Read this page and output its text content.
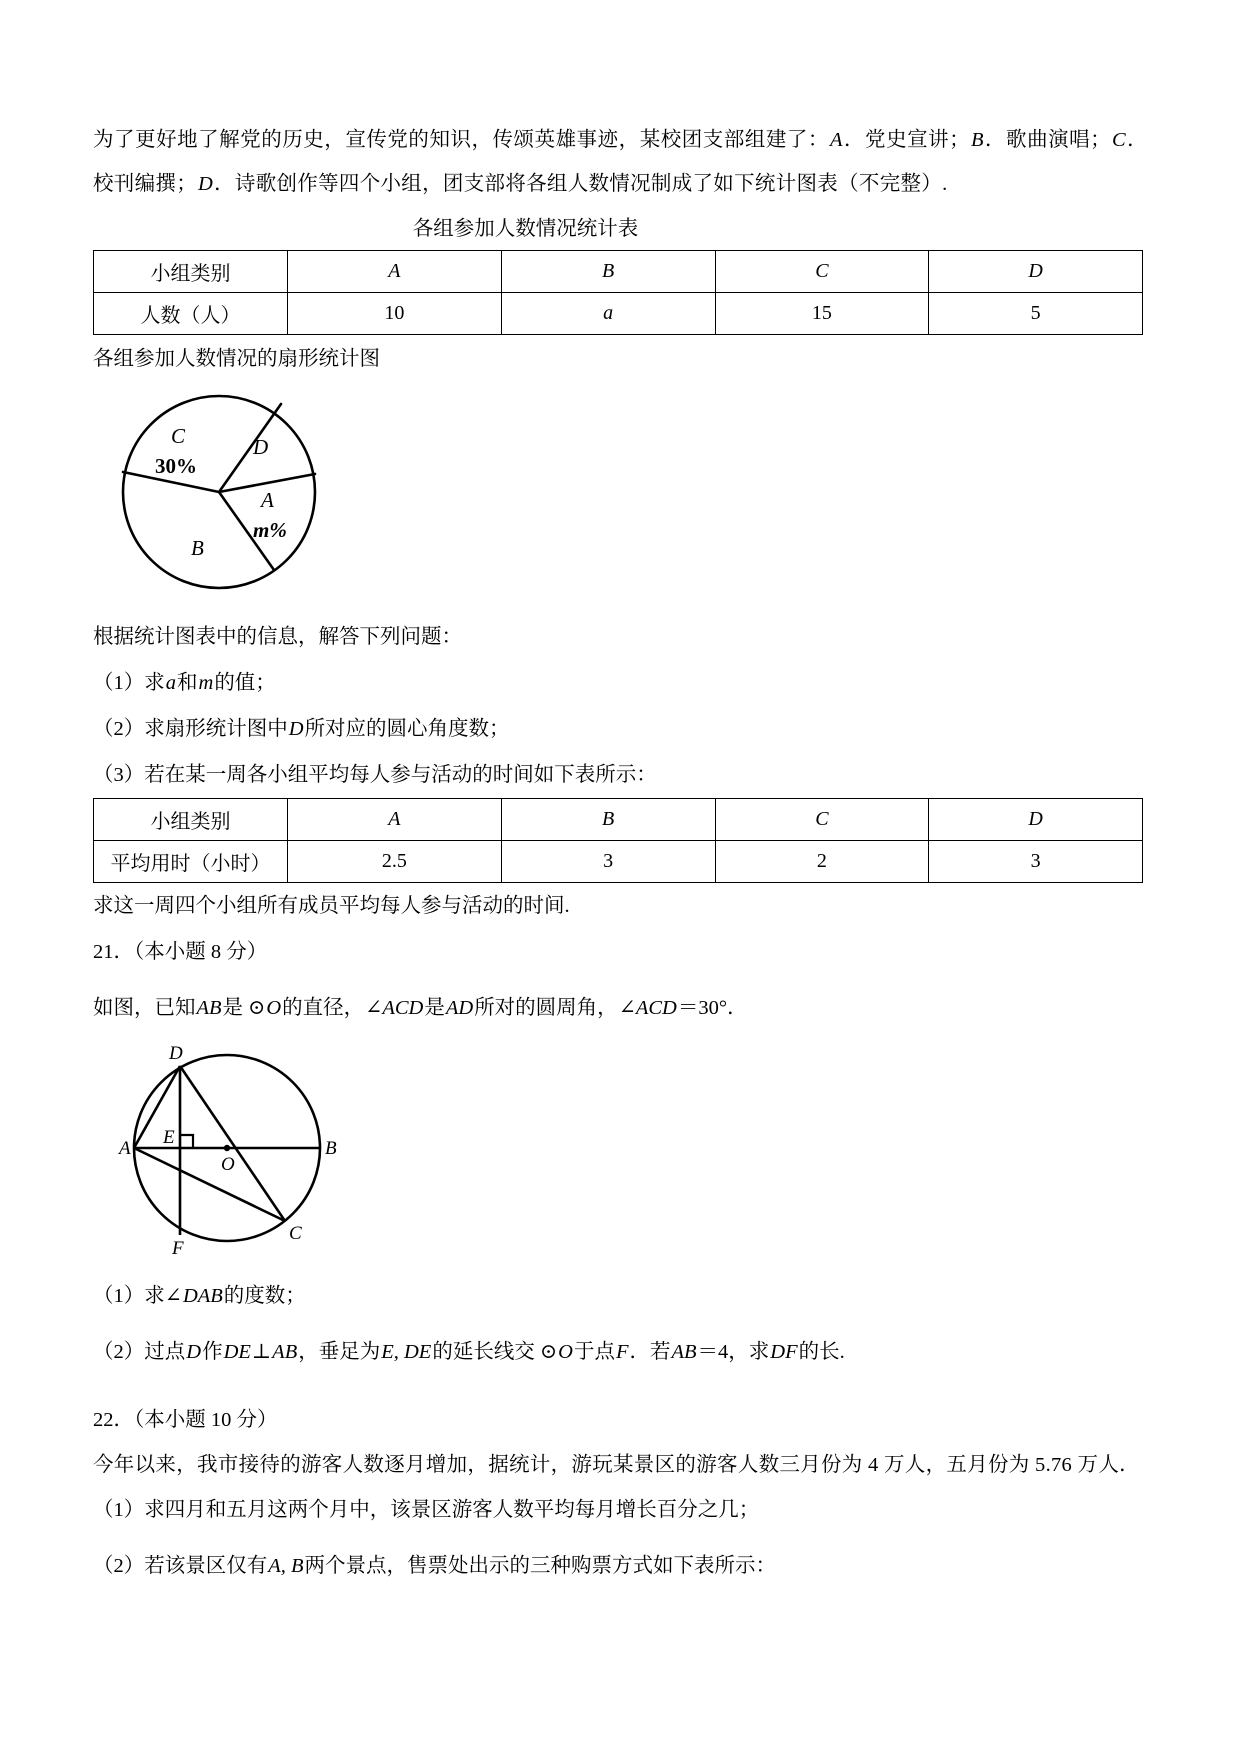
为了更好地了解党的历史，宣传党的知识，传颂英雄事迹，某校团支部组建了：A．党史宣讲；B．歌曲演唱；C．校刊编撰；D．诗歌创作等四个小组，团支部将各组人数情况制成了如下统计图表（不完整）.

各组参加人数情况统计表
小组类别	A	B	C	D
人数（人）	10	a	15	5
各组参加人数情况的扇形统计图
C	D
A
B
30%
m%

根据统计图表中的信息，解答下列问题：

（1）求a和m的值；

（2）求扇形统计图中D所对应的圆心角度数；

（3）若在某一周各小组平均每人参与活动的时间如下表所示：

小组类别	A	B	C	D
平均用时（小时）	2.5	3	2	3

求这一周四个小组所有成员平均每人参与活动的时间.

21．（本小题 8 分）

如图，已知AB是 ⊙O的直径，∠ACD是AD所对的圆周角，∠ACD＝30°．

D
A
E
O
B
F
C

（1）求∠DAB的度数；

（2）过点D作DE⊥AB，垂足为E, DE的延长线交 ⊙O于点F．若AB＝4，求DF的长.

22．（本小题 10 分）

今年以来，我市接待的游客人数逐月增加，据统计，游玩某景区的游客人数三月份为 4 万人，五月份为 5.76 万人．

（1）求四月和五月这两个月中，该景区游客人数平均每月增长百分之几；

（2）若该景区仅有A, B两个景点，售票处出示的三种购票方式如下表所示：
